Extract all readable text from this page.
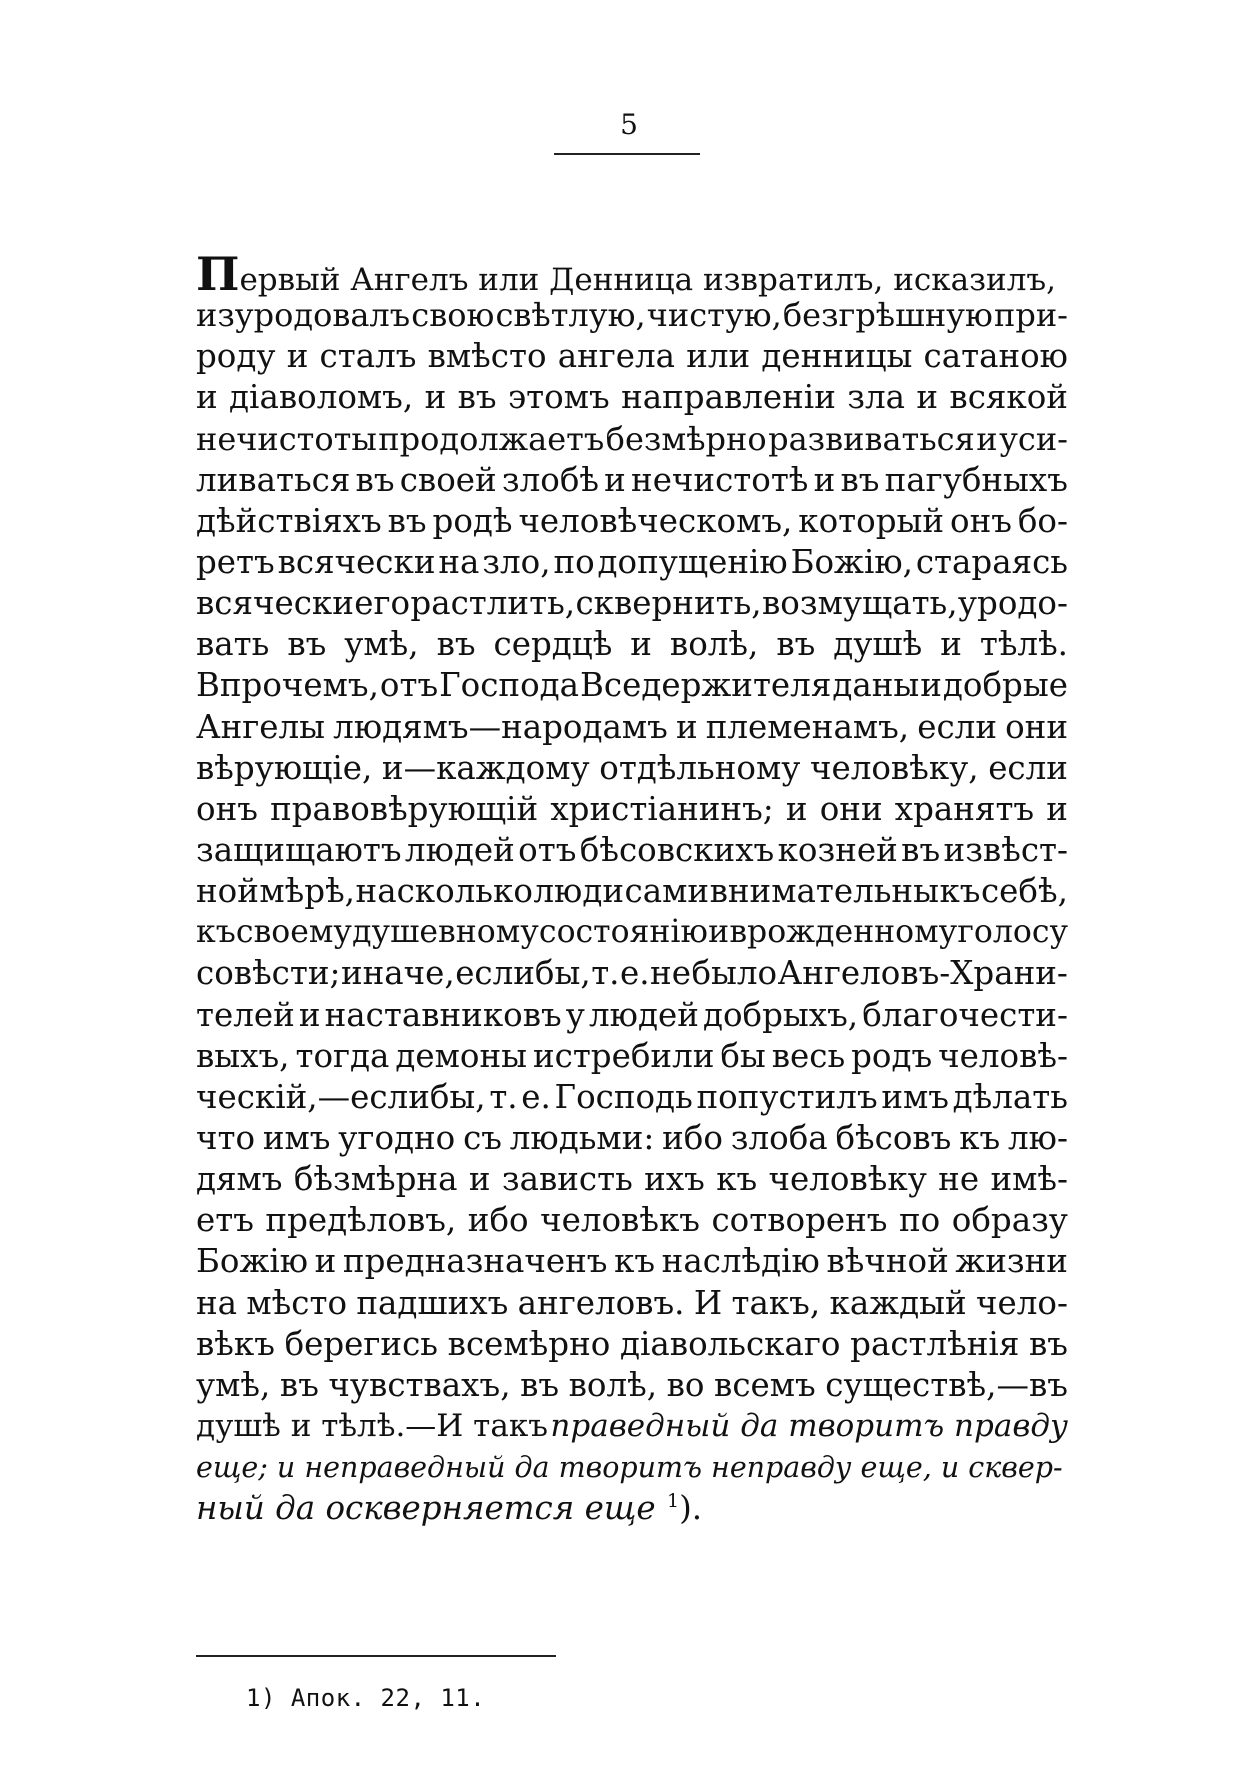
5
Первый Ангелъ или Денница извратилъ, исказилъ,
изуродовалъ свою свѣтлую, чистую, безгрѣшную при-
роду и сталъ вмѣсто ангела или денницы сатаною
и діаволомъ, и въ этомъ направленіи зла и всякой
нечистоты продолжаетъ безмѣрно развиваться и уси-
ливаться въ своей злобѣ и нечистотѣ и въ пагубныхъ
дѣйствіяхъ въ родѣ человѣческомъ, который онъ бо-
ретъ всячески на зло, по допущенію Божію, стараясь
всячески его растлить, сквернить, возмущать, уродо-
вать въ умѣ, въ сердцѣ и волѣ, въ душѣ и тѣлѣ.
Впрочемъ, отъ Господа Вседержителя даны и добрые
Ангелы людямъ—народамъ и племенамъ, если они
вѣрующіе, и—каждому отдѣльному человѣку, если
онъ правовѣрующій христіанинъ; и они хранятъ и
защищаютъ людей отъ бѣсовскихъ козней въ извѣст-
ной мѣрѣ, насколько люди сами внимательны къ себѣ,
къ своему душевному состоянію и врожденному голосу
совѣсти; иначе, еслибы, т. е. не было Ангеловъ-Храни-
телей и наставниковъ у людей добрыхъ, благочести-
выхъ, тогда демоны истребили бы весь родъ человѣ-
ческій,—еслибы, т. е. Господь попустилъ имъ дѣлать
что имъ угодно съ людьми: ибо злоба бѣсовъ къ лю-
дямъ бѣзмѣрна и зависть ихъ къ человѣку не имѣ-
етъ предѣловъ, ибо человѣкъ сотворенъ по образу
Божію и предназначенъ къ наслѣдію вѣчной жизни
на мѣсто падшихъ ангеловъ. И такъ, каждый чело-
вѣкъ берегись всемѣрно діавольскаго растлѣнія въ
умѣ, въ чувствахъ, въ волѣ, во всемъ существѣ,—въ
душѣ и тѣлѣ.—И такъ праведный да творитъ правду
еще; и неправедный да творитъ неправду еще, и сквер-
ный да оскверняется еще $^1$).
1) Апок. 22, 11.
